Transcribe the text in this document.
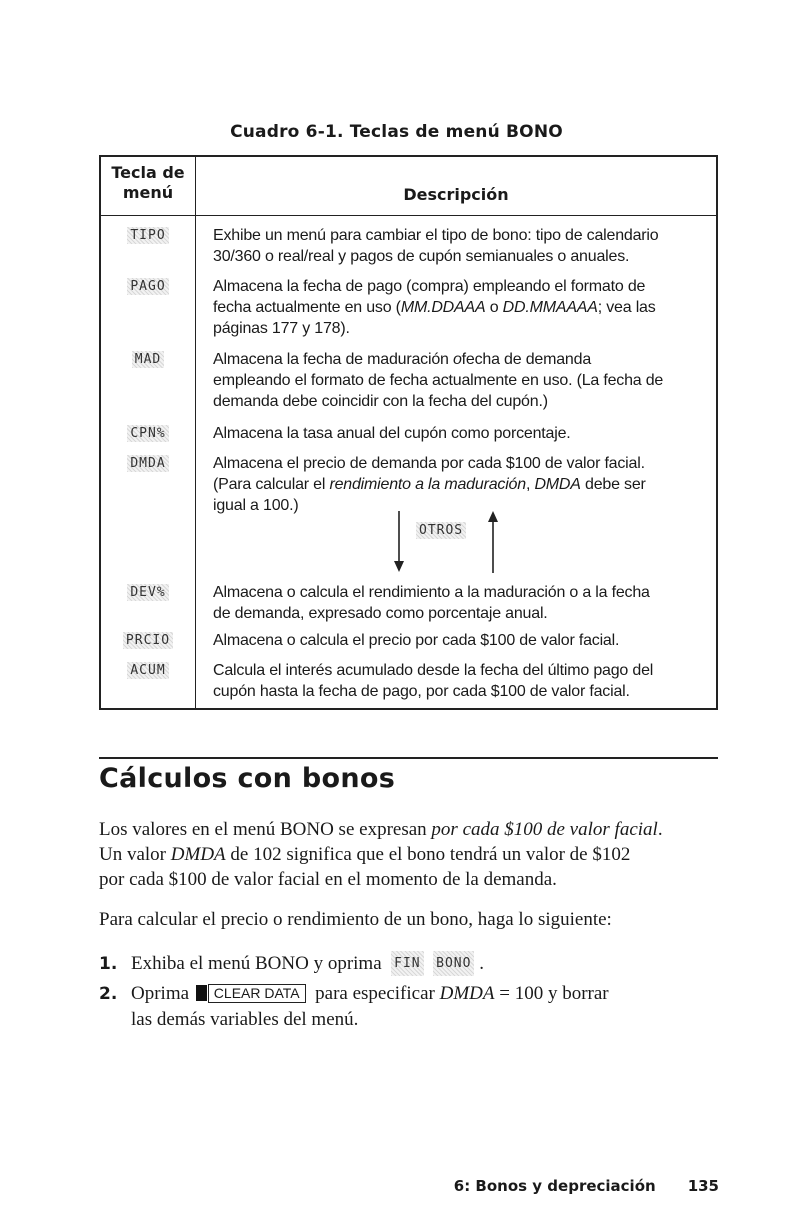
Cuadro 6-1. Teclas de menú BONO
Tecla de
menú	Descripción
TIPO	Exhibe un menú para cambiar el tipo de bono: tipo de calendario
30/360 o real/real y pagos de cupón semianuales o anuales.
PAGO	Almacena la fecha de pago (compra) empleando el formato de
fecha actualmente en uso (MM.DDAAA o DD.MMAAAA; vea las
páginas 177 y 178).
MAD	Almacena la fecha de maduración ofecha de demanda
empleando el formato de fecha actualmente en uso. (La fecha de
demanda debe coincidir con la fecha del cupón.)
CPN%	Almacena la tasa anual del cupón como porcentaje.
DMDA	Almacena el precio de demanda por cada $100 de valor facial.
(Para calcular el rendimiento a la maduración, DMDA debe ser
igual a 100.)
OTROS
DEV%	Almacena o calcula el rendimiento a la maduración o a la fecha
de demanda, expresado como porcentaje anual.
PRCIO	Almacena o calcula el precio por cada $100 de valor facial.
ACUM	Calcula el interés acumulado desde la fecha del último pago del
cupón hasta la fecha de pago, por cada $100 de valor facial.
Cálculos con bonos
Los valores en el menú BONO se expresan por cada $100 de valor facial.
Un valor DMDA de 102 significa que el bono tendrá un valor de $102
por cada $100 de valor facial en el momento de la demanda.
Para calcular el precio o rendimiento de un bono, haga lo siguiente:
1. Exhiba el menú BONO y oprima FIN BONO .
2. Oprima CLEAR DATA para especificar DMDA = 100 y borrar
las demás variables del menú.
6: Bonos y depreciación 135
